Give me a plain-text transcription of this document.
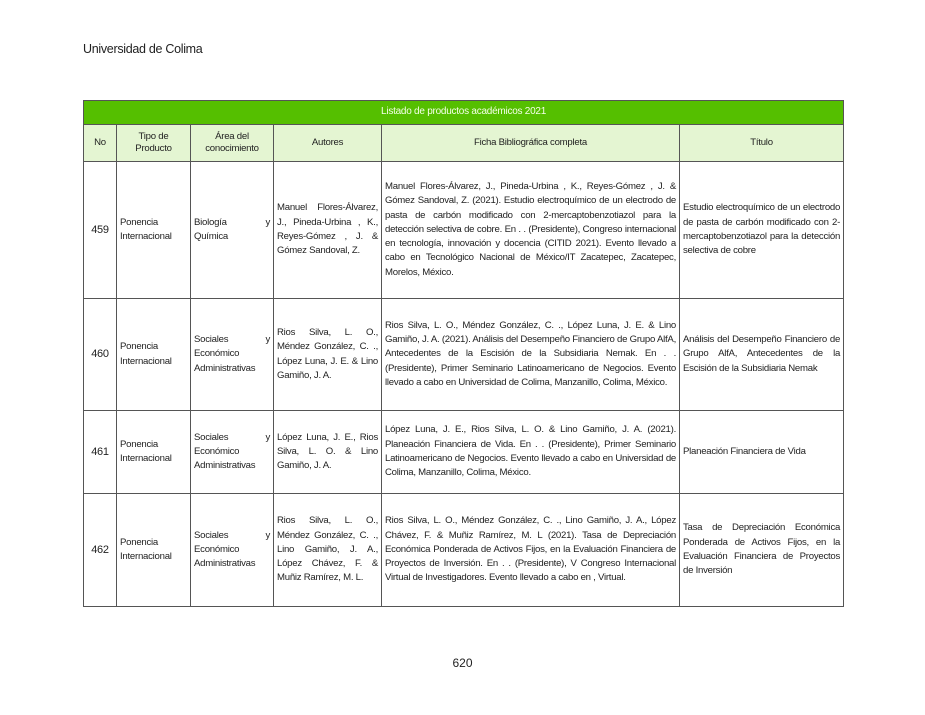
Universidad de Colima
Listado de productos académicos 2021					
No	Tipo de Producto	Área del conocimiento	Autores	Ficha Bibliográfica completa	Título
459	Ponencia Internacional	Biología y Química	Manuel Flores-Álvarez, J., Pineda-Urbina , K., Reyes-Gómez , J. & Gómez Sandoval, Z.	Manuel Flores-Álvarez, J., Pineda-Urbina , K., Reyes-Gómez , J. & Gómez Sandoval, Z. (2021). Estudio electroquímico de un electrodo de pasta de carbón modificado con 2-mercaptobenzotiazol para la detección selectiva de cobre. En . . (Presidente), Congreso internacional en tecnología, innovación y docencia (CITID 2021). Evento llevado a cabo en Tecnológico Nacional de México/IT Zacatepec, Zacatepec, Morelos, México.	Estudio electroquímico de un electrodo de pasta de carbón modificado con 2-mercaptobenzotiazol para la detección selectiva de cobre
460	Ponencia Internacional	Sociales y Económico Administrativas	Rios Silva, L. O., Méndez González, C. ., López Luna, J. E. & Lino Gamiño, J. A.	Rios Silva, L. O., Méndez González, C. ., López Luna, J. E. & Lino Gamiño, J. A. (2021). Análisis del Desempeño Financiero de Grupo AlfA, Antecedentes de la Escisión de la Subsidiaria Nemak. En . . (Presidente), Primer Seminario Latinoamericano de Negocios. Evento llevado a cabo en Universidad de Colima, Manzanillo, Colima, México.	Análisis del Desempeño Financiero de Grupo AlfA, Antecedentes de la Escisión de la Subsidiaria Nemak
461	Ponencia Internacional	Sociales y Económico Administrativas	López Luna, J. E., Rios Silva, L. O. & Lino Gamiño, J. A.	López Luna, J. E., Rios Silva, L. O. & Lino Gamiño, J. A. (2021). Planeación Financiera de Vida. En . . (Presidente), Primer Seminario Latinoamericano de Negocios. Evento llevado a cabo en Universidad de Colima, Manzanillo, Colima, México.	Planeación Financiera de Vida
462	Ponencia Internacional	Sociales y Económico Administrativas	Rios Silva, L. O., Méndez González, C. ., Lino Gamiño, J. A., López Chávez, F. & Muñiz Ramírez, M. L.	Rios Silva, L. O., Méndez González, C. ., Lino Gamiño, J. A., López Chávez, F. & Muñiz Ramírez, M. L (2021). Tasa de Depreciación Económica Ponderada de Activos Fijos, en la Evaluación Financiera de Proyectos de Inversión. En . . (Presidente), V Congreso Internacional Virtual de Investigadores. Evento llevado a cabo en , Virtual.	Tasa de Depreciación Económica Ponderada de Activos Fijos, en la Evaluación Financiera de Proyectos de Inversión
620
